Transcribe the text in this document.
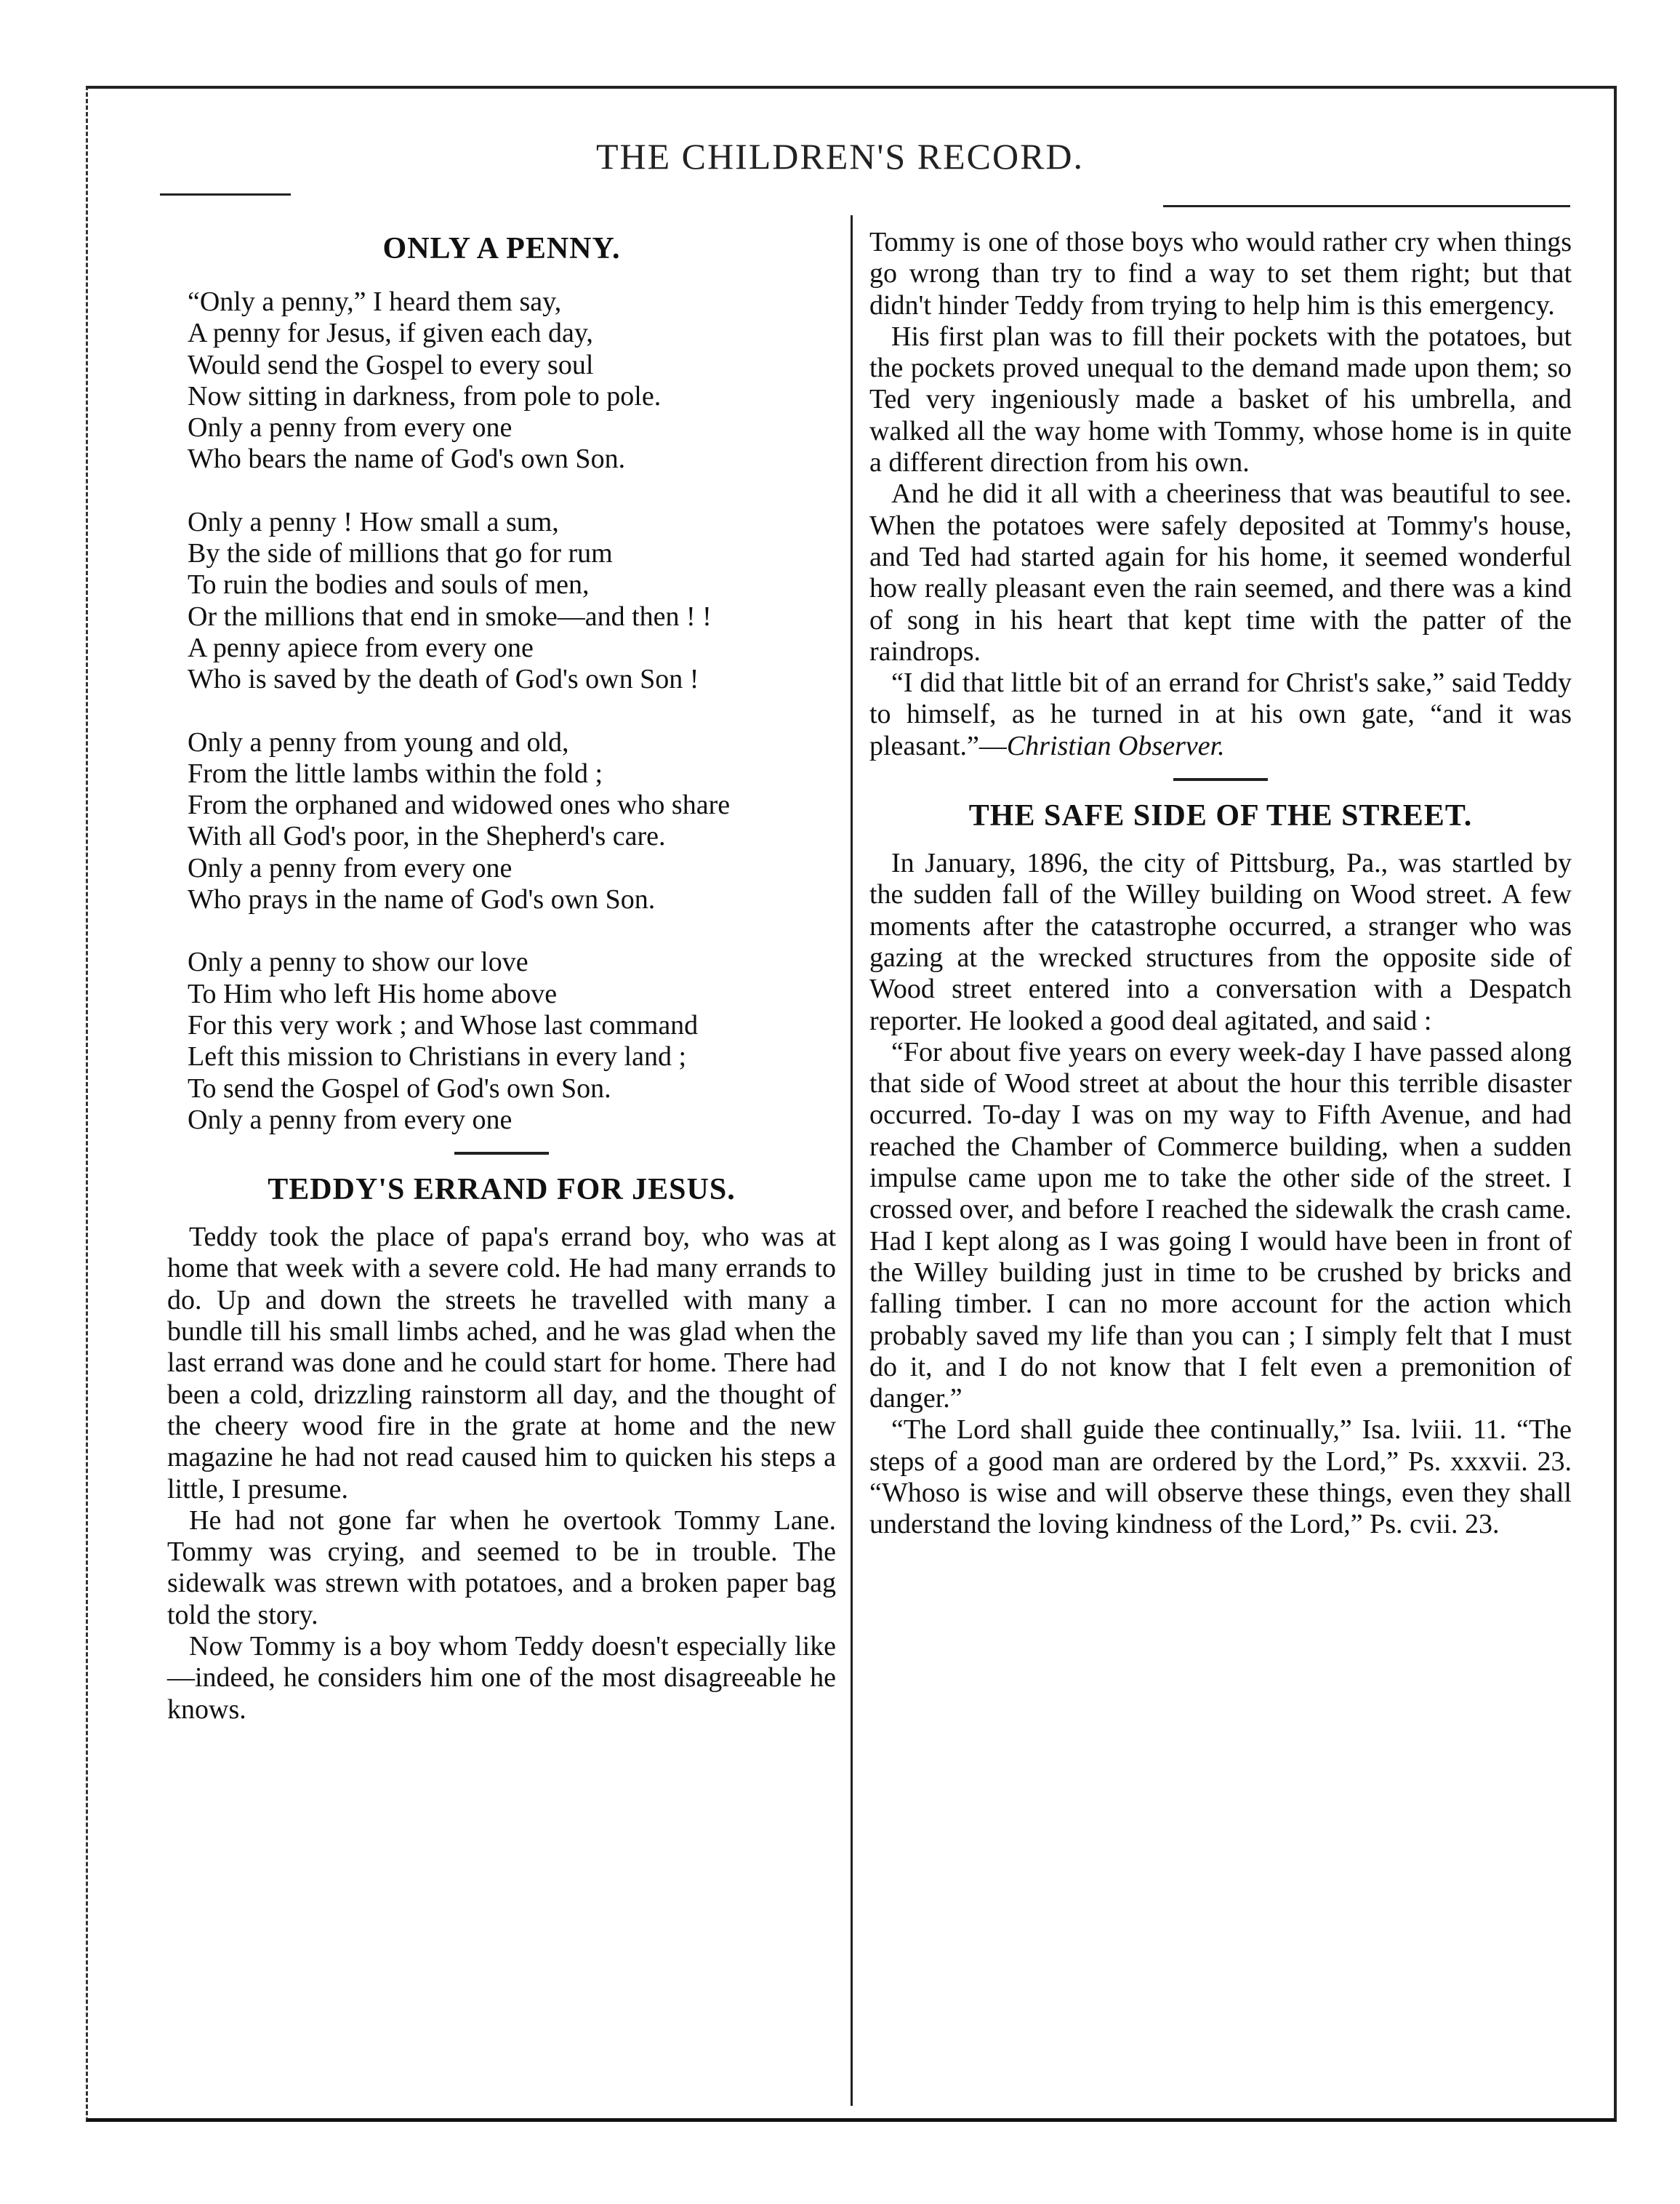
THE CHILDREN'S RECORD.
ONLY A PENNY.
“Only a penny,” I heard them say,
A penny for Jesus, if given each day,
Would send the Gospel to every soul
Now sitting in darkness, from pole to pole.
Only a penny from every one
Who bears the name of God's own Son.
Only a penny ! How small a sum,
By the side of millions that go for rum
To ruin the bodies and souls of men,
Or the millions that end in smoke—and then ! !
A penny apiece from every one
Who is saved by the death of God's own Son !
Only a penny from young and old,
From the little lambs within the fold ;
From the orphaned and widowed ones who share
With all God's poor, in the Shepherd's care.
Only a penny from every one
Who prays in the name of God's own Son.
Only a penny to show our love
To Him who left His home above
For this very work ; and Whose last command
Left this mission to Christians in every land ;
To send the Gospel of God's own Son.
Only a penny from every one
TEDDY'S ERRAND FOR JESUS.

Teddy took the place of papa's errand boy, who was at home that week with a severe cold. He had many errands to do. Up and down the streets he travelled with many a bundle till his small limbs ached, and he was glad when the last errand was done and he could start for home. There had been a cold, drizzling rainstorm all day, and the thought of the cheery wood fire in the grate at home and the new magazine he had not read caused him to quicken his steps a little, I presume.

He had not gone far when he overtook Tommy Lane. Tommy was crying, and seemed to be in trouble. The sidewalk was strewn with potatoes, and a broken paper bag told the story.

Now Tommy is a boy whom Teddy doesn't especially like—indeed, he considers him one of the most disagreeable he knows.

Tommy is one of those boys who would rather cry when things go wrong than try to find a way to set them right; but that didn't hinder Teddy from trying to help him is this emergency.

His first plan was to fill their pockets with the potatoes, but the pockets proved unequal to the demand made upon them; so Ted very ingeniously made a basket of his umbrella, and walked all the way home with Tommy, whose home is in quite a different direction from his own.

And he did it all with a cheeriness that was beautiful to see. When the potatoes were safely deposited at Tommy's house, and Ted had started again for his home, it seemed wonderful how really pleasant even the rain seemed, and there was a kind of song in his heart that kept time with the patter of the raindrops.

“I did that little bit of an errand for Christ's sake,” said Teddy to himself, as he turned in at his own gate, “and it was pleasant.”—Christian Observer.

THE SAFE SIDE OF THE STREET.

In January, 1896, the city of Pittsburg, Pa., was startled by the sudden fall of the Willey building on Wood street. A few moments after the catastrophe occurred, a stranger who was gazing at the wrecked structures from the opposite side of Wood street entered into a conversation with a Despatch reporter. He looked a good deal agitated, and said :

“For about five years on every week-day I have passed along that side of Wood street at about the hour this terrible disaster occurred. To-day I was on my way to Fifth Avenue, and had reached the Chamber of Commerce building, when a sudden impulse came upon me to take the other side of the street. I crossed over, and before I reached the sidewalk the crash came. Had I kept along as I was going I would have been in front of the Willey building just in time to be crushed by bricks and falling timber. I can no more account for the action which probably saved my life than you can ; I simply felt that I must do it, and I do not know that I felt even a premonition of danger.”

“The Lord shall guide thee continually,” Isa. lviii. 11. “The steps of a good man are ordered by the Lord,” Ps. xxxvii. 23. “Whoso is wise and will observe these things, even they shall understand the loving kindness of the Lord,” Ps. cvii. 23.
